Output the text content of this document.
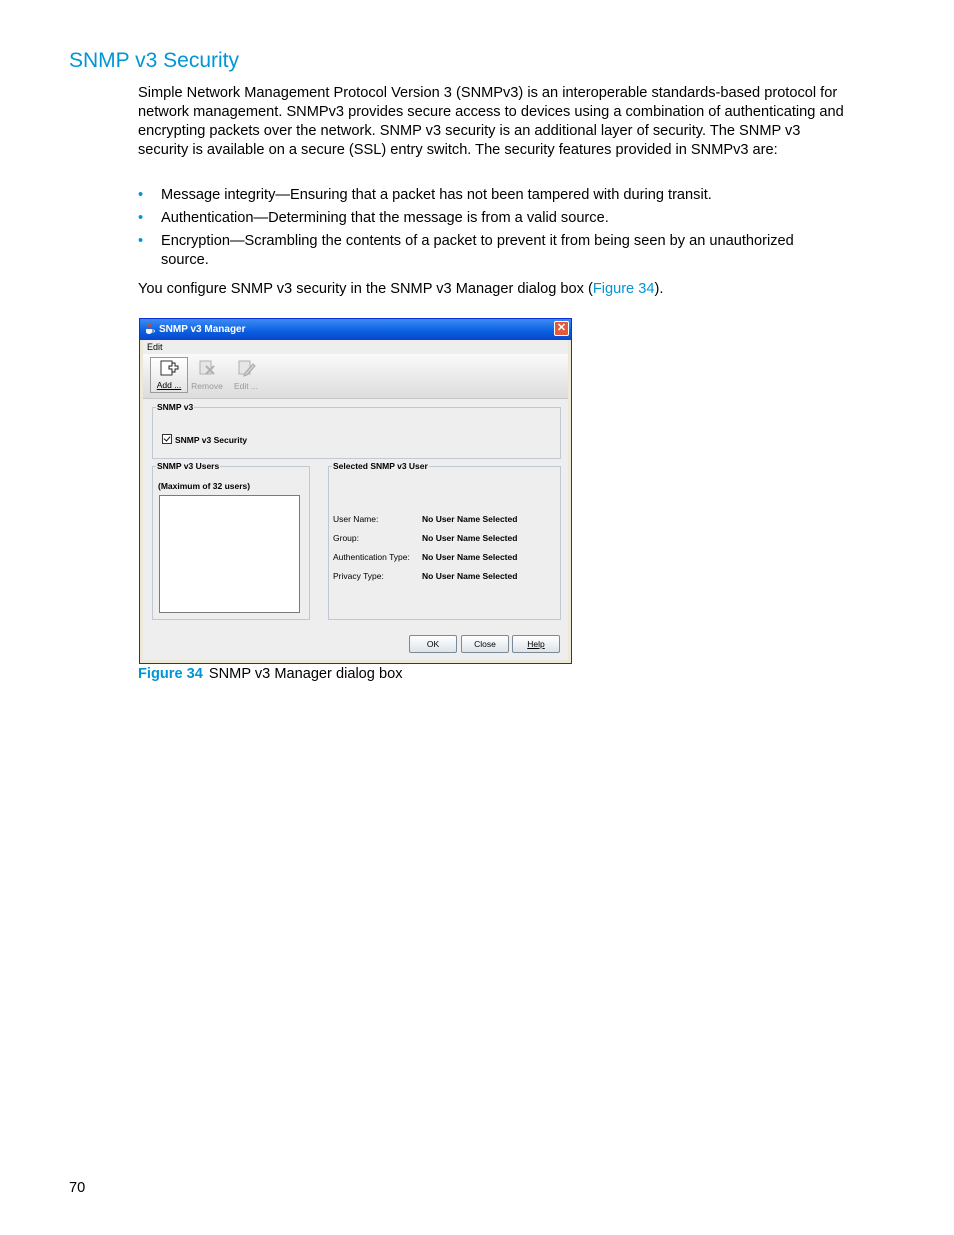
SNMP v3 Security

Simple Network Management Protocol Version 3 (SNMPv3) is an interoperable standards-based protocol for network management. SNMPv3 provides secure access to devices using a combination of authenticating and encrypting packets over the network. SNMP v3 security is an additional layer of security. The SNMP v3 security is available on a secure (SSL) entry switch. The security features provided in SNMPv3 are:

• Message integrity—Ensuring that a packet has not been tampered with during transit.
• Authentication—Determining that the message is from a valid source.
• Encryption—Scrambling the contents of a packet to prevent it from being seen by an unauthorized source.

You configure SNMP v3 security in the SNMP v3 Manager dialog box (Figure 34).

SNMP v3 Manager	✕
Edit
Add ...	Remove	Edit ...
SNMP v3
SNMP v3 Security
SNMP v3 Users
(Maximum of 32 users)
Selected SNMP v3 User
User Name:	No User Name Selected
Group:	No User Name Selected
Authentication Type: No User Name Selected
Privacy Type:	No User Name Selected
OK	Close	Help
Figure 34 SNMP v3 Manager dialog box
70
